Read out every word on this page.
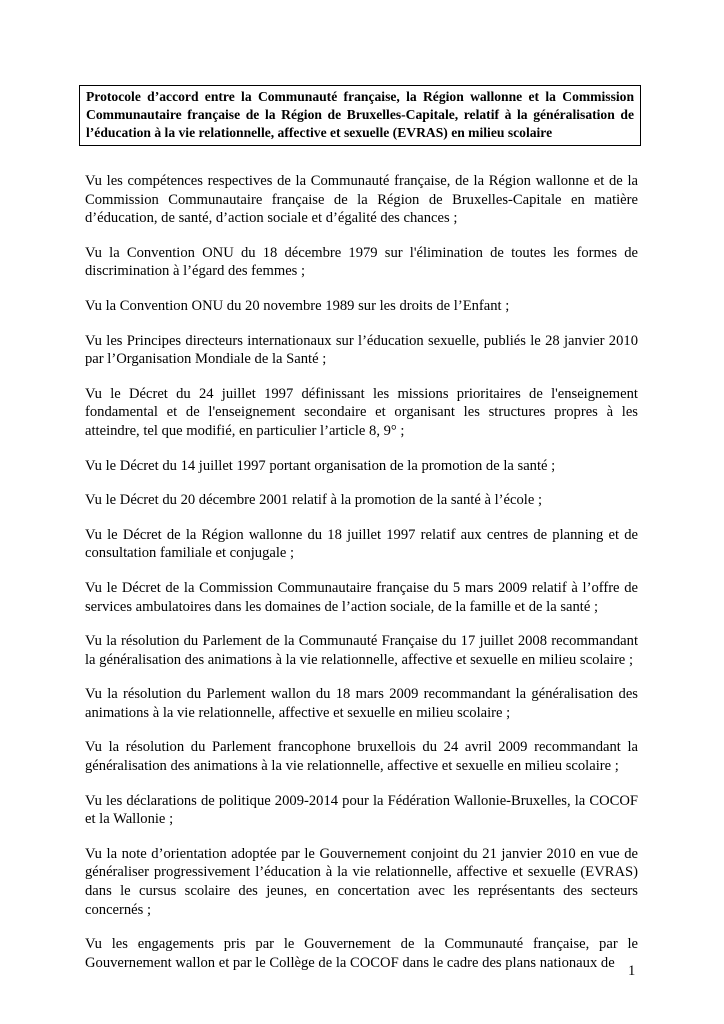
Protocole d’accord entre la Communauté française, la Région wallonne et la Commission Communautaire française de la Région de Bruxelles-Capitale, relatif à la généralisation de l’éducation à la vie relationnelle, affective et sexuelle (EVRAS) en milieu scolaire

Vu les compétences respectives de la Communauté française, de la Région wallonne et de la Commission Communautaire française de la Région de Bruxelles-Capitale en matière d’éducation, de santé, d’action sociale et d’égalité des chances ;

Vu la Convention ONU du 18 décembre 1979 sur l'élimination de toutes les formes de discrimination à l’égard des femmes ;

Vu la Convention ONU du 20 novembre 1989 sur les droits de l’Enfant ;

Vu les Principes directeurs internationaux sur l’éducation sexuelle, publiés le 28 janvier 2010 par l’Organisation Mondiale de la Santé ;

Vu le Décret du 24 juillet 1997 définissant les missions prioritaires de l'enseignement fondamental et de l'enseignement secondaire et organisant les structures propres à les atteindre, tel que modifié, en particulier l’article 8, 9° ;

Vu le Décret du 14 juillet 1997 portant organisation de la promotion de la santé ;

Vu le Décret du 20 décembre 2001 relatif à la promotion de la santé à l’école ;

Vu le Décret de la Région wallonne du 18 juillet 1997 relatif aux centres de planning et de consultation familiale et conjugale ;

Vu le Décret de la Commission Communautaire française du 5 mars 2009 relatif à l’offre de services ambulatoires dans les domaines de l’action sociale, de la famille et de la santé ;

Vu la résolution du Parlement de la Communauté Française du 17 juillet 2008 recommandant la généralisation des animations à la vie relationnelle, affective et sexuelle en milieu scolaire ;

Vu la résolution du Parlement wallon du 18 mars 2009 recommandant la généralisation des animations à la vie relationnelle, affective et sexuelle en milieu scolaire ;

Vu la résolution du Parlement francophone bruxellois du 24 avril 2009 recommandant la généralisation des animations à la vie relationnelle, affective et sexuelle en milieu scolaire ;

Vu les déclarations de politique 2009-2014 pour la Fédération Wallonie-Bruxelles, la COCOF et la Wallonie ;

Vu la note d’orientation adoptée par le Gouvernement conjoint du 21 janvier 2010 en vue de généraliser progressivement l’éducation à la vie relationnelle, affective et sexuelle (EVRAS) dans le cursus scolaire des jeunes, en concertation avec les représentants des secteurs concernés ;

Vu les engagements pris par le Gouvernement de la Communauté française, par le Gouvernement wallon et par le Collège de la COCOF dans le cadre des plans nationaux de

1
